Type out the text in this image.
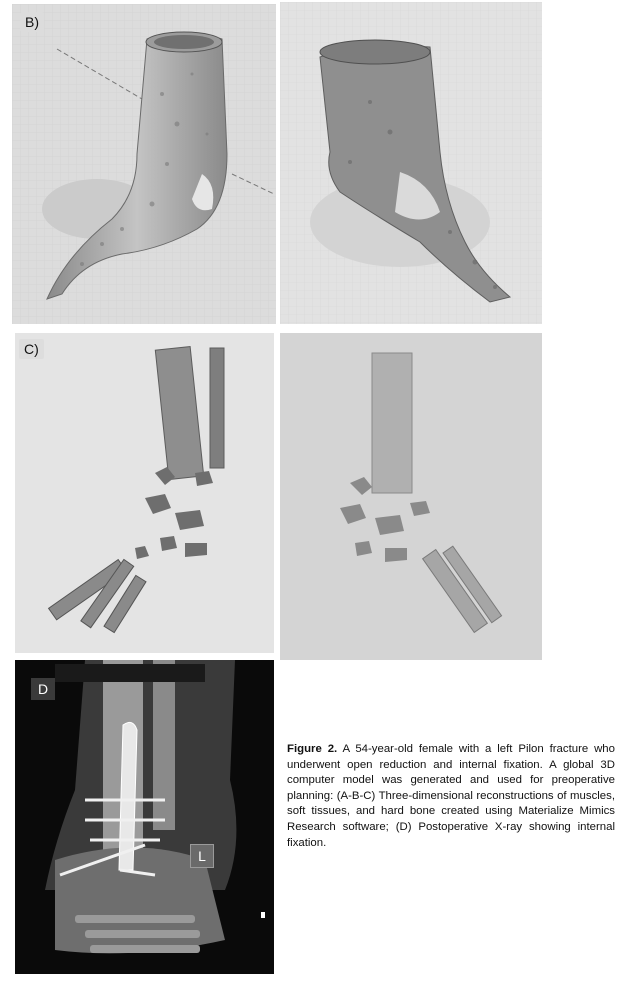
B)
C)
D
L
Figure 2. A 54-year-old female with a left Pilon fracture who underwent open reduction and internal fixation. A global 3D computer model was generated and used for preoperative planning: (A-B-C) Three-dimensional reconstructions of muscles, soft tissues, and hard bone created using Materialize Mimics Research software; (D) Postoperative X-ray showing internal fixation.
